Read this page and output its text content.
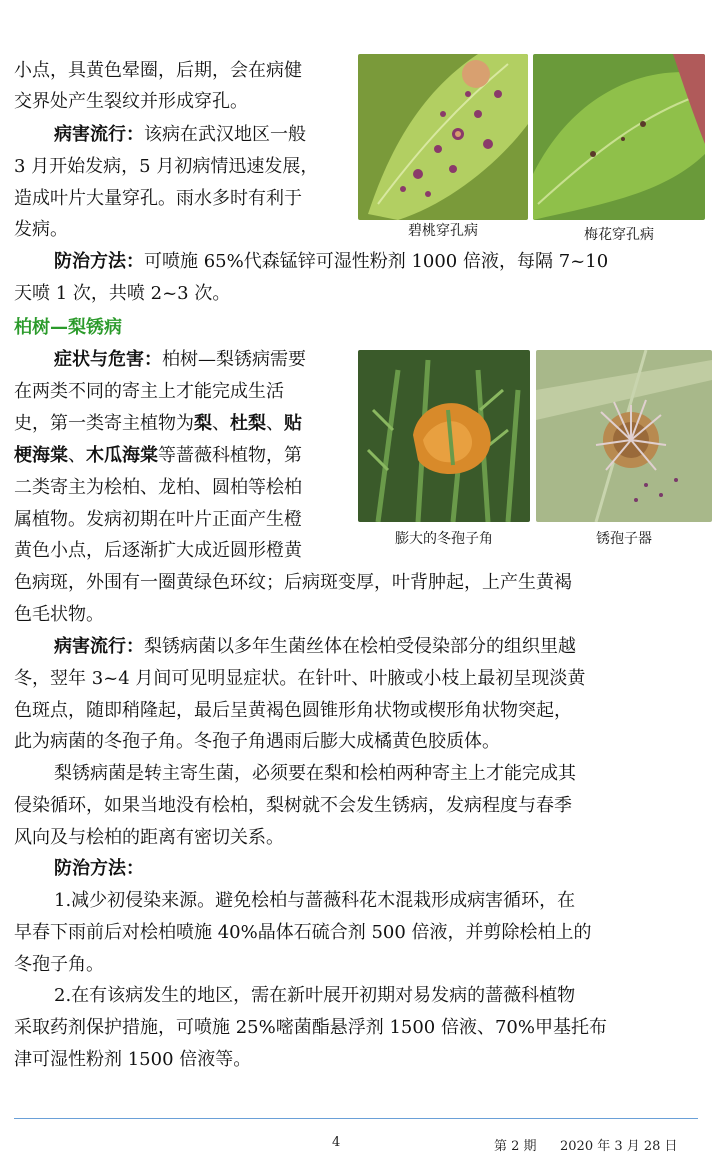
小点，具黄色晕圈，后期，会在病健
交界处产生裂纹并形成穿孔。
病害流行：该病在武汉地区一般
3 月开始发病，5 月初病情迅速发展，
造成叶片大量穿孔。雨水多时有利于
发病。
防治方法：可喷施 65%代森锰锌可湿性粉剂 1000 倍液，每隔 7~10
天喷 1 次，共喷 2~3 次。
碧桃穿孔病	梅花穿孔病
柏树—梨锈病
症状与危害：柏树—梨锈病需要
在两类不同的寄主上才能完成生活
史，第一类寄主植物为梨、杜梨、贴
梗海棠、木瓜海棠等蔷薇科植物，第
二类寄主为桧柏、龙柏、圆柏等桧柏
属植物。发病初期在叶片正面产生橙
黄色小点，后逐渐扩大成近圆形橙黄
色病斑，外围有一圈黄绿色环纹；后病斑变厚，叶背肿起，上产生黄褐
色毛状物。
膨大的冬孢子角	锈孢子器
病害流行：梨锈病菌以多年生菌丝体在桧柏受侵染部分的组织里越
冬，翌年 3~4 月间可见明显症状。在针叶、叶腋或小枝上最初呈现淡黄
色斑点，随即稍隆起，最后呈黄褐色圆锥形角状物或楔形角状物突起，
此为病菌的冬孢子角。冬孢子角遇雨后膨大成橘黄色胶质体。
梨锈病菌是转主寄生菌，必须要在梨和桧柏两种寄主上才能完成其
侵染循环，如果当地没有桧柏，梨树就不会发生锈病，发病程度与春季
风向及与桧柏的距离有密切关系。
防治方法：
1.减少初侵染来源。避免桧柏与蔷薇科花木混栽形成病害循环，在
早春下雨前后对桧柏喷施 40%晶体石硫合剂 500 倍液，并剪除桧柏上的
冬孢子角。
2.在有该病发生的地区，需在新叶展开初期对易发病的蔷薇科植物
采取药剂保护措施，可喷施 25%嘧菌酯悬浮剂 1500 倍液、70%甲基托布
津可湿性粉剂 1500 倍液等。
4	第 2 期 2020 年 3 月 28 日
